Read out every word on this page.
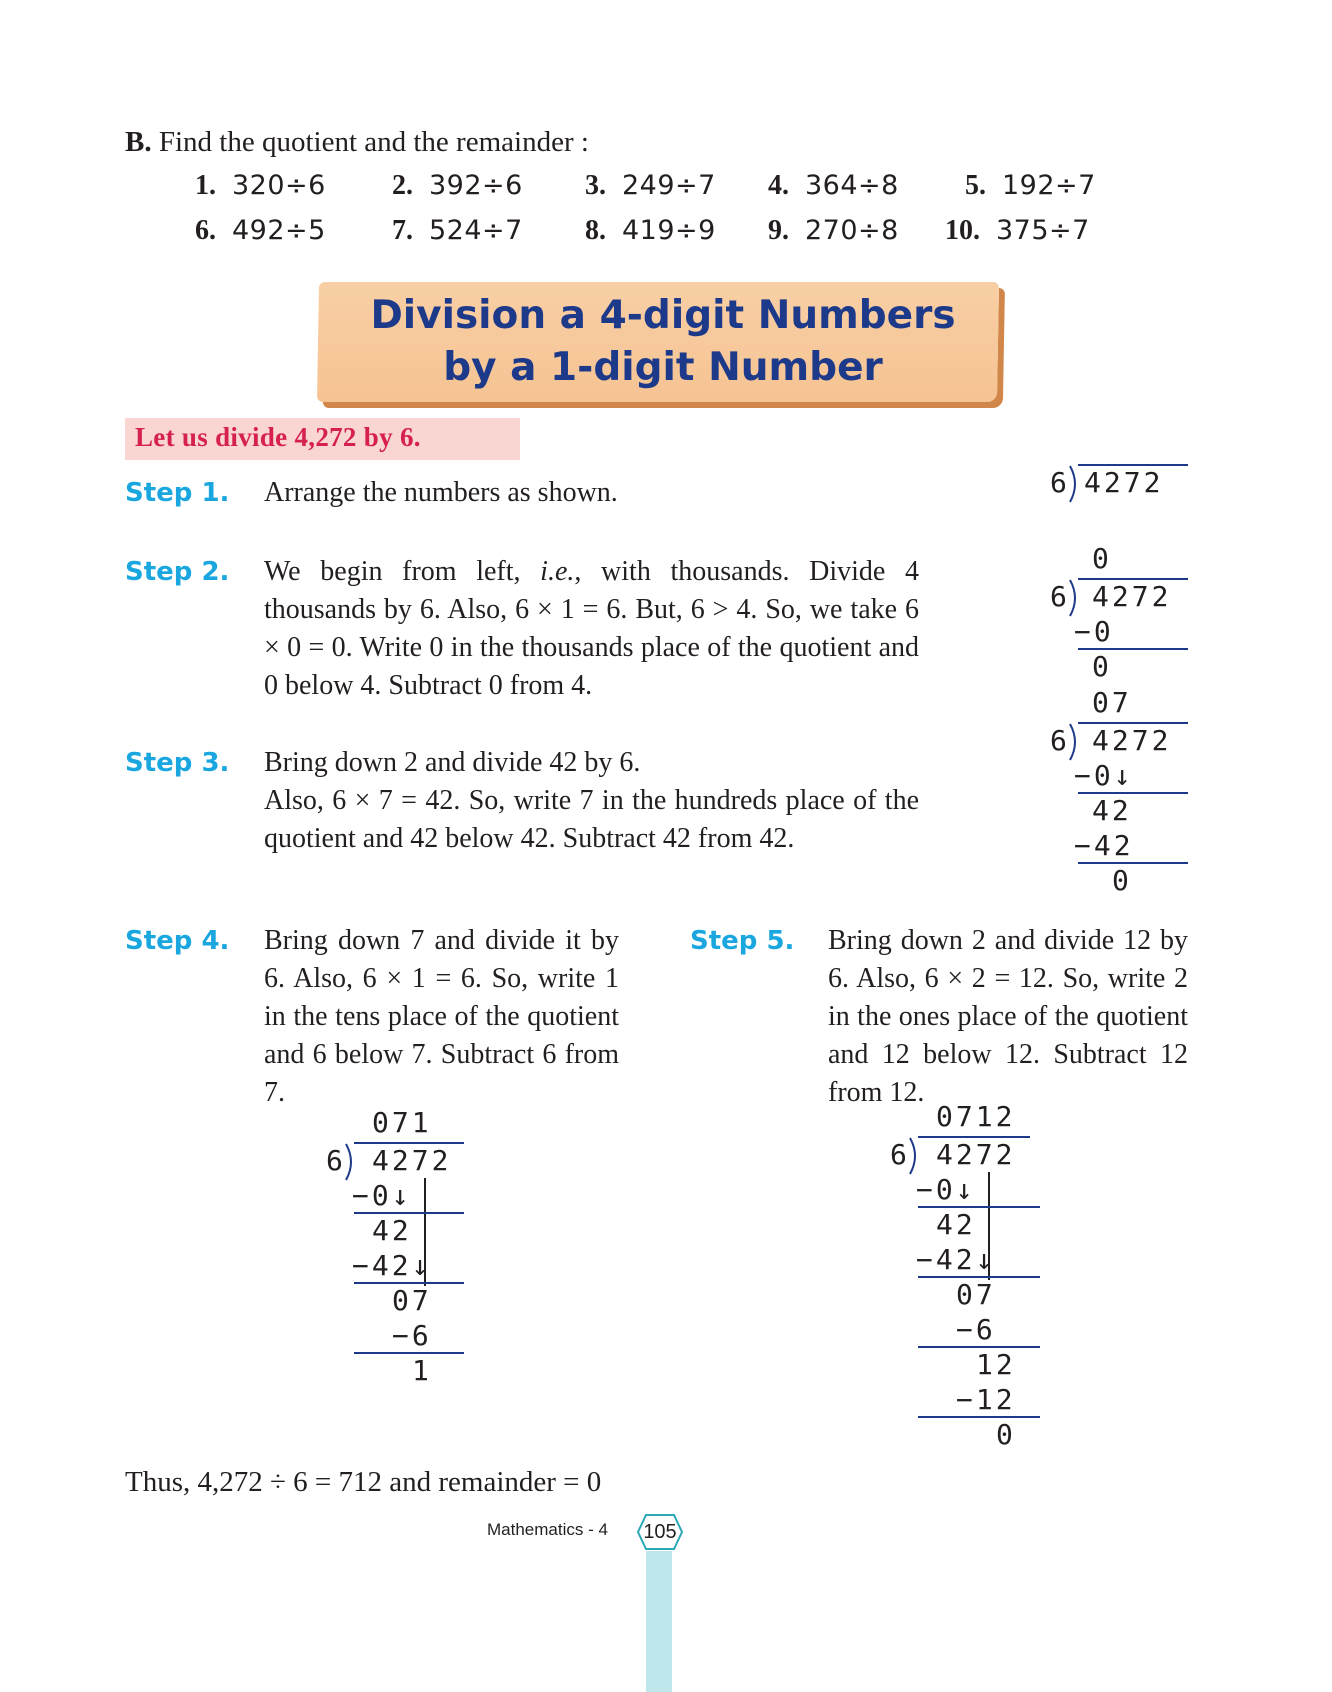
B. Find the quotient and the remainder :
1. 320÷6 2. 392÷6 3. 249÷7 4. 364÷8 5. 192÷7
6. 492÷5 7. 524÷7 8. 419÷9 9. 270÷8 10. 375÷7
Division a 4-digit Numbers
by a 1-digit Number
Let us divide 4,272 by 6.
Step 1. Arrange the numbers as shown.	6 4272
Step 2. We begin from left, i.e., with thousands. Divide 4 thousands by 6. Also, 6 × 1 = 6. But, 6 > 4. So, we take 6 × 0 = 0. Write 0 in the thousands place of the quotient and 0 below 4. Subtract 0 from 4.
0
6 4272
−0
0
Step 3. Bring down 2 and divide 42 by 6.
Also, 6 × 7 = 42. So, write 7 in the hundreds place of the quotient and 42 below 42. Subtract 42 from 42.
07
6 4272
−0↓
42
−42
0
Step 4. Bring down 7 and divide it by 6. Also, 6 × 1 = 6. So, write 1 in the tens place of the quotient and 6 below 7. Subtract 6 from 7.
071
6 4272
−0↓
42
−42↓
07
−6
1
Step 5. Bring down 2 and divide 12 by 6. Also, 6 × 2 = 12. So, write 2 in the ones place of the quotient and 12 below 12. Subtract 12 from 12.
0712
6 4272
−0↓
42
−42↓
07
−6
12
−12
0
Thus, 4,272 ÷ 6 = 712 and remainder = 0
Mathematics - 4 105
